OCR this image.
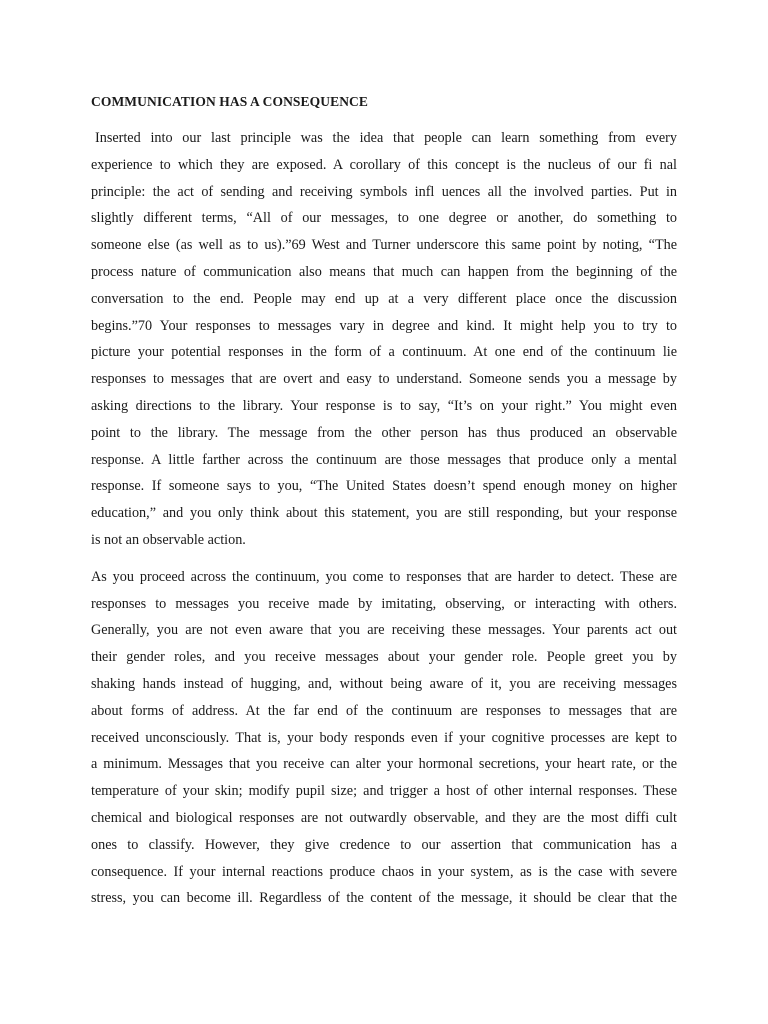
COMMUNICATION HAS A CONSEQUENCE

Inserted into our last principle was the idea that people can learn something from every
experience to which they are exposed. A corollary of this concept is the nucleus of our fi nal
principle: the act of sending and receiving symbols infl uences all the involved parties. Put in
slightly different terms, “All of our messages, to one degree or another, do something to
someone else (as well as to us).”69 West and Turner underscore this same point by noting, “The
process nature of communication also means that much can happen from the beginning of the
conversation to the end. People may end up at a very different place once the discussion
begins.”70 Your responses to messages vary in degree and kind. It might help you to try to
picture your potential responses in the form of a continuum. At one end of the continuum lie
responses to messages that are overt and easy to understand. Someone sends you a message by
asking directions to the library. Your response is to say, “It’s on your right.” You might even
point to the library. The message from the other person has thus produced an observable
response. A little farther across the continuum are those messages that produce only a mental
response. If someone says to you, “The United States doesn’t spend enough money on higher
education,” and you only think about this statement, you are still responding, but your response
is not an observable action.

As you proceed across the continuum, you come to responses that are harder to detect. These are
responses to messages you receive made by imitating, observing, or interacting with others.
Generally, you are not even aware that you are receiving these messages. Your parents act out
their gender roles, and you receive messages about your gender role. People greet you by
shaking hands instead of hugging, and, without being aware of it, you are receiving messages
about forms of address. At the far end of the continuum are responses to messages that are
received unconsciously. That is, your body responds even if your cognitive processes are kept to
a minimum. Messages that you receive can alter your hormonal secretions, your heart rate, or the
temperature of your skin; modify pupil size; and trigger a host of other internal responses. These
chemical and biological responses are not outwardly observable, and they are the most diffi cult
ones to classify. However, they give credence to our assertion that communication has a
consequence. If your internal reactions produce chaos in your system, as is the case with severe
stress, you can become ill. Regardless of the content of the message, it should be clear that the
